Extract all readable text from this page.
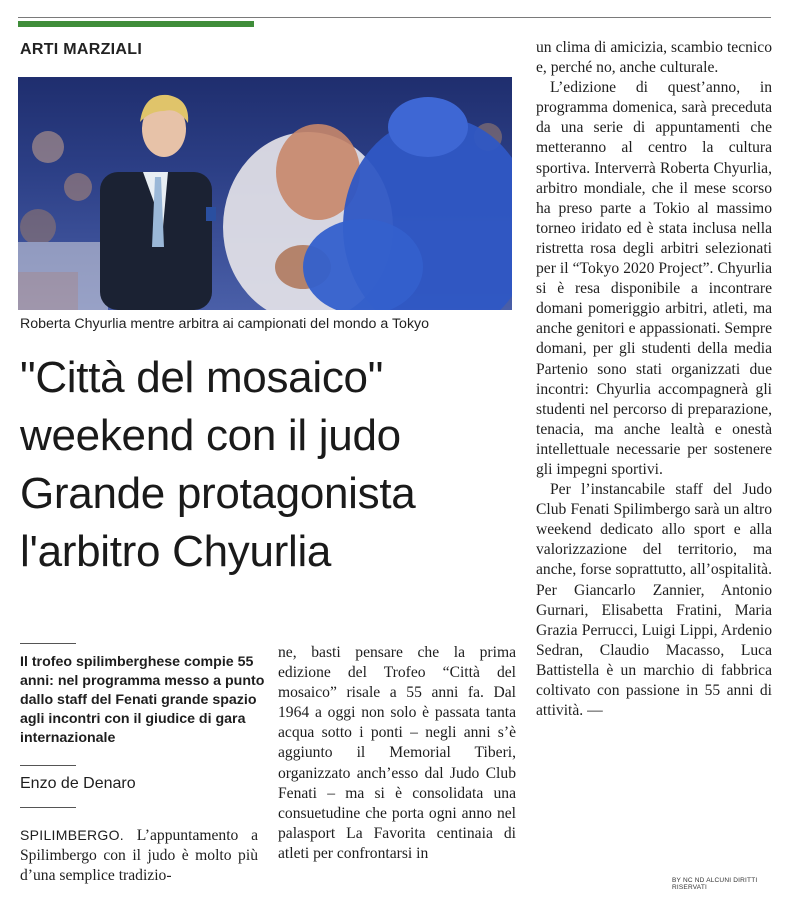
ARTI MARZIALI
Roberta Chyurlia mentre arbitra ai campionati del mondo a Tokyo
"Città del mosaico"
weekend con il judo
Grande protagonista
l'arbitro Chyurlia
Il trofeo spilimberghese compie 55 anni: nel programma messo a punto dallo staff del Fenati grande spazio agli incontri con il giudice di gara internazionale
Enzo de Denaro

SPILIMBERGO. L’appuntamento a Spilimbergo con il judo è molto più d’una semplice tradizio-

ne, basti pensare che la prima edizione del Trofeo “Città del mosaico” risale a 55 anni fa. Dal 1964 a oggi non solo è passata tanta acqua sotto i ponti – negli anni s’è aggiunto il Memorial Tiberi, organizzato anch’esso dal Judo Club Fenati – ma si è consolidata una consuetudine che porta ogni anno nel palasport La Favorita centinaia di atleti per confrontarsi in

un clima di amicizia, scambio tecnico e, perché no, anche culturale.

L’edizione di quest’anno, in programma domenica, sarà preceduta da una serie di appuntamenti che metteranno al centro la cultura sportiva. Interverrà Roberta Chyurlia, arbitro mondiale, che il mese scorso ha preso parte a Tokio al massimo torneo iridato ed è stata inclusa nella ristretta rosa degli arbitri selezionati per il “Tokyo 2020 Project”. Chyurlia si è resa disponibile a incontrare domani pomeriggio arbitri, atleti, ma anche genitori e appassionati. Sempre domani, per gli studenti della media Partenio sono stati organizzati due incontri: Chyurlia accompagnerà gli studenti nel percorso di preparazione, tenacia, ma anche lealtà e onestà intellettuale necessarie per sostenere gli impegni sportivi.

Per l’instancabile staff del Judo Club Fenati Spilimbergo sarà un altro weekend dedicato allo sport e alla valorizzazione del territorio, ma anche, forse soprattutto, all’ospitalità. Per Giancarlo Zannier, Antonio Gurnari, Elisabetta Fratini, Maria Grazia Perrucci, Luigi Lippi, Ardenio Sedran, Claudio Macasso, Luca Battistella è un marchio di fabbrica coltivato con passione in 55 anni di attività. —

BY NC ND ALCUNI DIRITTI RISERVATI
